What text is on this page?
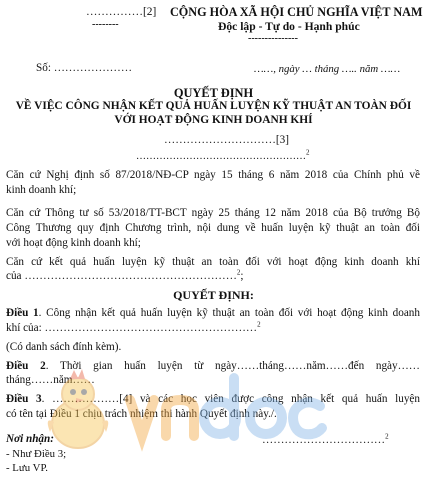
……………[2]
--------
CỘNG HÒA XÃ HỘI CHỦ NGHĨA VIỆT NAM
Độc lập - Tự do - Hạnh phúc
---------------
Số: …………………	……, ngày … tháng ….. năm ……
QUYẾT ĐỊNH
VỀ VIỆC CÔNG NHẬN KẾT QUẢ HUẤN LUYỆN KỸ THUẬT AN TOÀN ĐỐI
VỚI HOẠT ĐỘNG KINH DOANH KHÍ
…………………………[3]
……………………………………………$^2$
Căn cứ Nghị định số 87/2018/NĐ-CP ngày 15 tháng 6 năm 2018 của Chính phủ về
kinh doanh khí;
Căn cứ Thông tư số 53/2018/TT-BCT ngày 25 tháng 12 năm 2018 của Bộ trưởng Bộ
Công Thương quy định Chương trình, nội dung về huấn luyện kỹ thuật an toàn đối
với hoạt động kinh doanh khí;
Căn cứ kết quả huấn luyện kỹ thuật an toàn đối với hoạt động kinh doanh khí
của …………………………………………………$^2$;
QUYẾT ĐỊNH:
Điều 1. Công nhận kết quả huấn luyện kỹ thuật an toàn đối với hoạt động kinh doanh
khí của: …………………………………………………$^2$
(Có danh sách đính kèm).
Điều 2. Thời gian huấn luyện từ ngày……tháng……năm……đến ngày……
tháng……năm……
Điều 3. ………………[4] và các học viên được công nhận kết quả huấn luyện
có tên tại Điều 1 chịu trách nhiệm thi hành Quyết định này./.
Nơi nhận:
- Như Điều 3;
- Lưu VP.
……………………………$^2$
